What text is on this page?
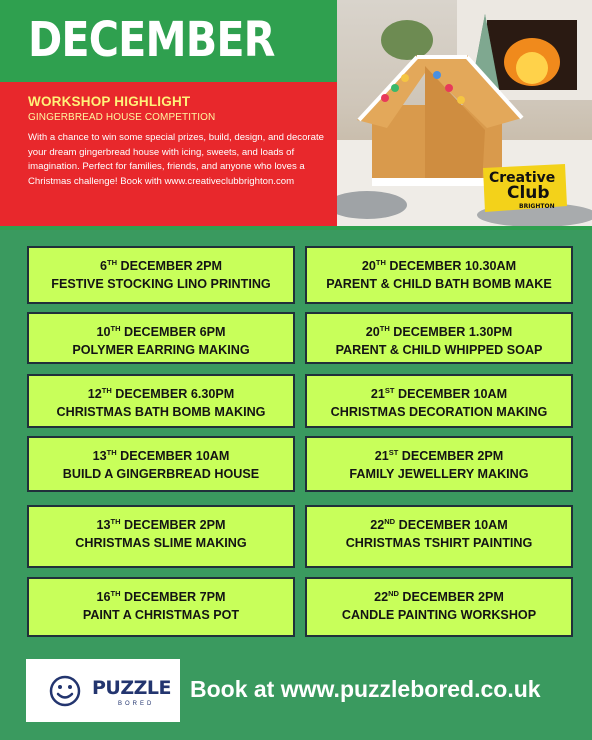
DECEMBER
WORKSHOP HIGHLIGHT
GINGERBREAD HOUSE COMPETITION
With a chance to win some special prizes, build, design, and decorate your dream gingerbread house with icing, sweets, and loads of imagination. Perfect for families, friends, and anyone who loves a Christmas challenge! Book with www.creativeclubbrighton.com	Creative
Club
BRIGHTON
6TH DECEMBER 2PM
FESTIVE STOCKING LINO PRINTING
20TH DECEMBER 10.30AM
PARENT & CHILD BATH BOMB MAKE
10TH DECEMBER 6PM
POLYMER EARRING MAKING
20TH DECEMBER 1.30PM
PARENT & CHILD WHIPPED SOAP
12TH DECEMBER 6.30PM
CHRISTMAS BATH BOMB MAKING
21ST DECEMBER 10AM
CHRISTMAS DECORATION MAKING
13TH DECEMBER 10AM
BUILD A GINGERBREAD HOUSE
21ST DECEMBER 2PM
FAMILY JEWELLERY MAKING
13TH DECEMBER 2PM
CHRISTMAS SLIME MAKING
22ND DECEMBER 10AM
CHRISTMAS TSHIRT PAINTING
16TH DECEMBER 7PM
PAINT A CHRISTMAS POT
22ND DECEMBER 2PM
CANDLE PAINTING WORKSHOP
PUZZLE
BORED
Book at www.puzzlebored.co.uk
